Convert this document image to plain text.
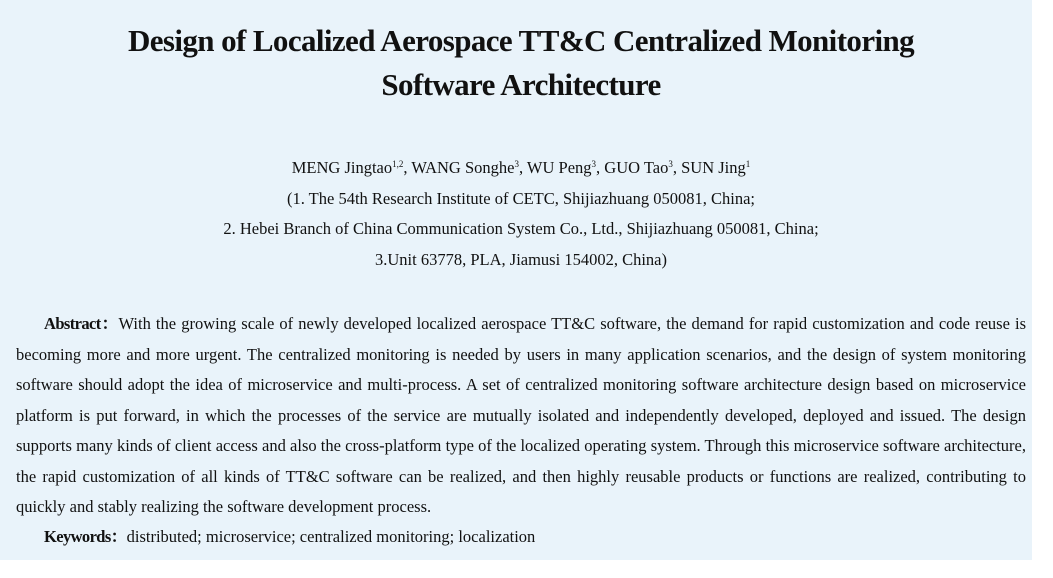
Design of Localized Aerospace TT&C Centralized Monitoring
Software Architecture
MENG Jingtao$^{1,2}$, WANG Songhe$^3$, WU Peng$^3$, GUO Tao$^3$, SUN Jing$^1$
(1. The 54th Research Institute of CETC, Shijiazhuang 050081, China;
2. Hebei Branch of China Communication System Co., Ltd., Shijiazhuang 050081, China;
3.Unit 63778, PLA, Jiamusi 154002, China)

Abstract：With the growing scale of newly developed localized aerospace TT&C software, the demand for rapid customization and code reuse is becoming more and more urgent. The centralized monitoring is needed by users in many application scenarios, and the design of system monitoring software should adopt the idea of microservice and multi-process. A set of centralized monitoring software architecture design based on microservice platform is put forward, in which the processes of the service are mutually isolated and independently developed, deployed and issued. The design supports many kinds of client access and also the cross-platform type of the localized operating system. Through this microservice software architecture, the rapid customization of all kinds of TT&C software can be realized, and then highly reusable products or functions are realized, contributing to quickly and stably realizing the software development process.

Keywords：distributed; microservice; centralized monitoring; localization
